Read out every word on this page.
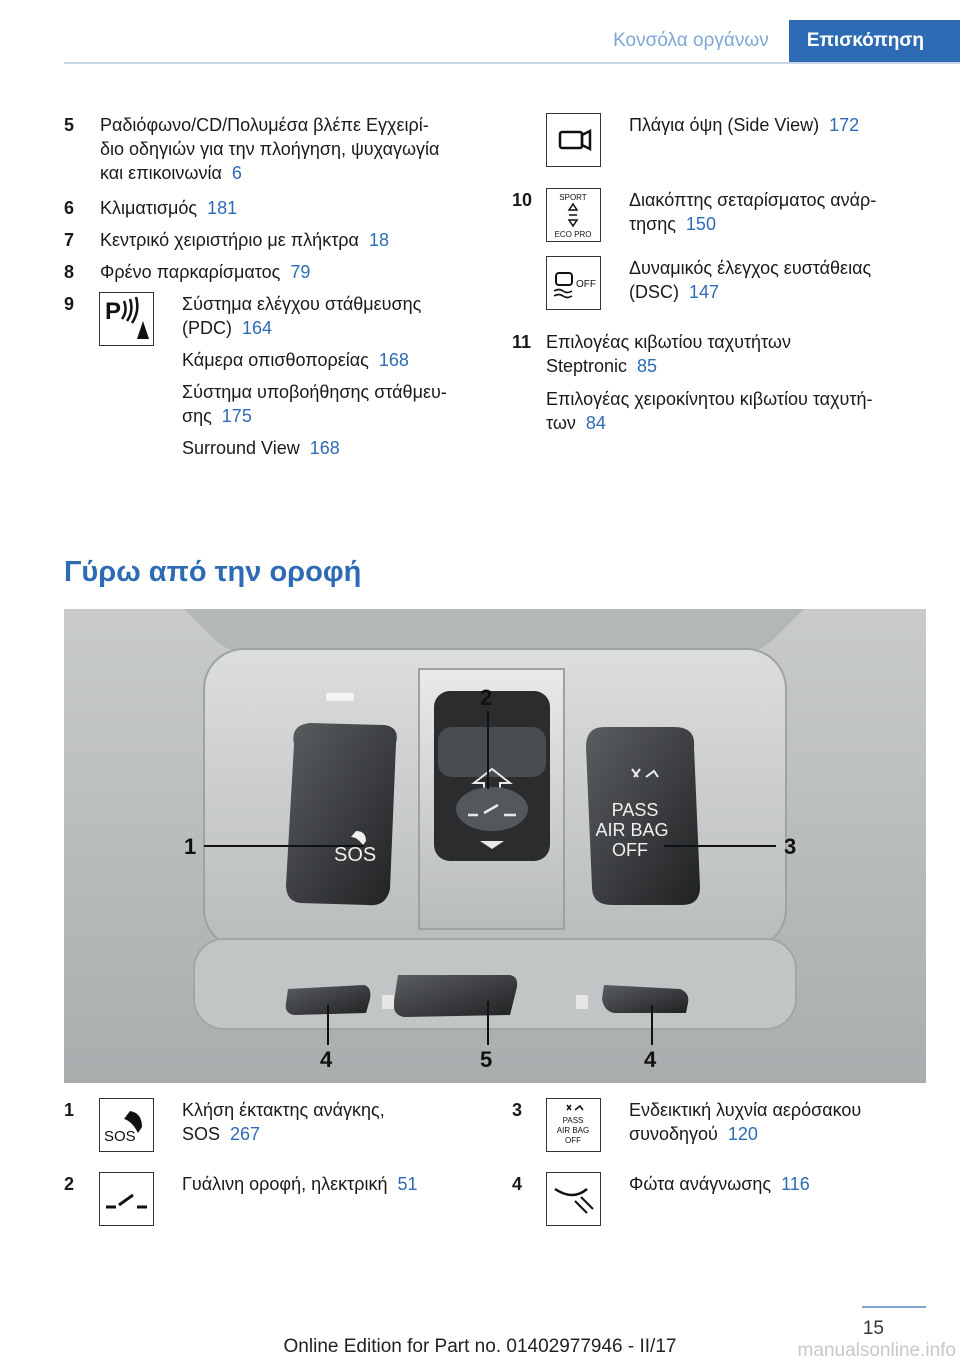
Κονσόλα οργάνων	Επισκόπηση
5 Ραδιόφωνο/CD/Πολυμέσα βλέπε Εγχειρί-
διο οδηγιών για την πλοήγηση, ψυχαγωγία
και επικοινωνία 6
6 Κλιματισμός 181
7 Κεντρικό χειριστήριο με πλήκτρα 18
8 Φρένο παρκαρίσματος 79
9 P	Σύστημα ελέγχου στάθμευσης
(PDC) 164
Κάμερα οπισθοπορείας 168
Σύστημα υποβοήθησης στάθμευ-
σης 175
Surround View 168
Πλάγια όψη (Side View) 172
10	SPORT
ECO PRO
Διακόπτης σεταρίσματος ανάρ-
τησης 150
OFF
Δυναμικός έλεγχος ευστάθειας
(DSC) 147
11 Επιλογέας κιβωτίου ταχυτήτων
Steptronic 85
Επιλογέας χειροκίνητου κιβωτίου ταχυτή-
των 84
Γύρω από την οροφή
SOS
PASS
AIR BAG
OFF
1
2
3
4	5	4
1
SOS
Κλήση έκτακτης ανάγκης,
SOS 267
2	Γυάλινη οροφή, ηλεκτρική 51
3
PASS
AIR BAG
OFF
Ενδεικτική λυχνία αερόσακου
συνοδηγού 120
4	Φώτα ανάγνωσης 116
15
Online Edition for Part no. 01402977946 - II/17	manualsonline.info
